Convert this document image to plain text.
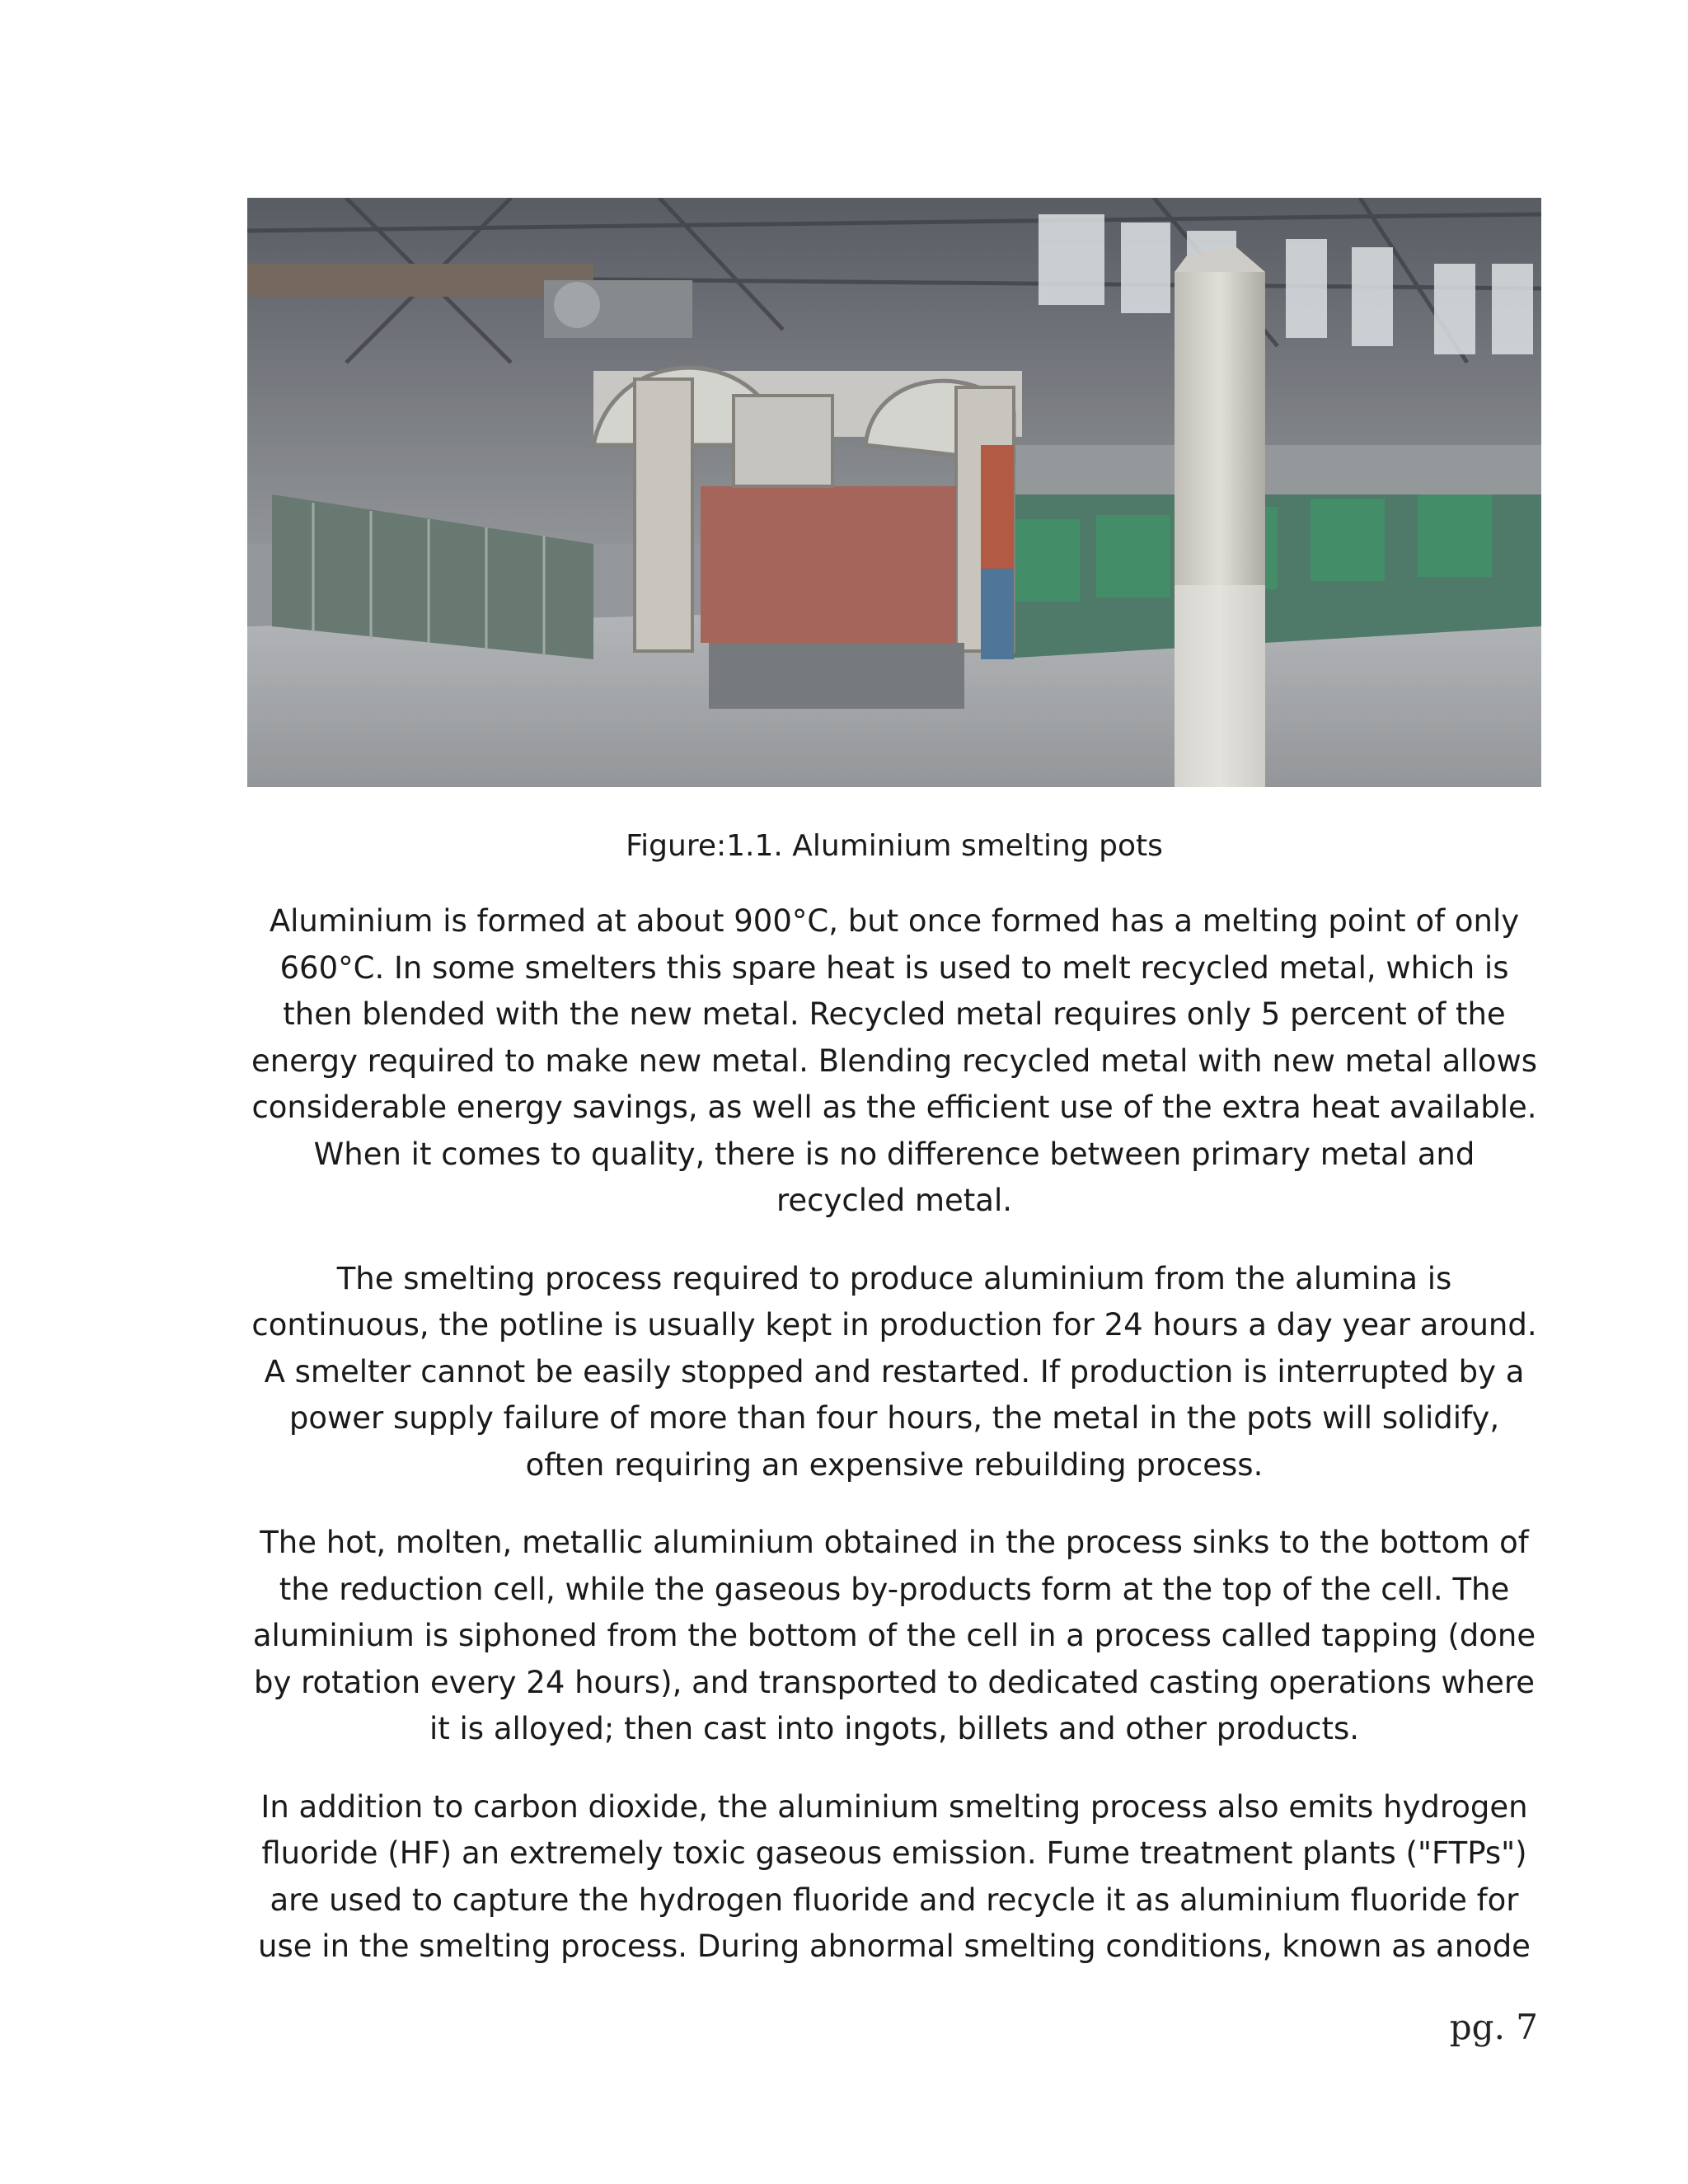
Figure:1.1. Aluminium smelting pots

Aluminium is formed at about 900°C, but once formed has a melting point of only 660°C. In some smelters this spare heat is used to melt recycled metal, which is then blended with the new metal. Recycled metal requires only 5 percent of the energy required to make new metal. Blending recycled metal with new metal allows considerable energy savings, as well as the efficient use of the extra heat available. When it comes to quality, there is no difference between primary metal and recycled metal.

The smelting process required to produce aluminium from the alumina is continuous, the potline is usually kept in production for 24 hours a day year around. A smelter cannot be easily stopped and restarted. If production is interrupted by a power supply failure of more than four hours, the metal in the pots will solidify, often requiring an expensive rebuilding process.

The hot, molten, metallic aluminium obtained in the process sinks to the bottom of the reduction cell, while the gaseous by-products form at the top of the cell. The aluminium is siphoned from the bottom of the cell in a process called tapping (done by rotation every 24 hours), and transported to dedicated casting operations where it is alloyed; then cast into ingots, billets and other products.

In addition to carbon dioxide, the aluminium smelting process also emits hydrogen fluoride (HF) an extremely toxic gaseous emission. Fume treatment plants ("FTPs") are used to capture the hydrogen fluoride and recycle it as aluminium fluoride for use in the smelting process. During abnormal smelting conditions, known as anode

pg. 7
